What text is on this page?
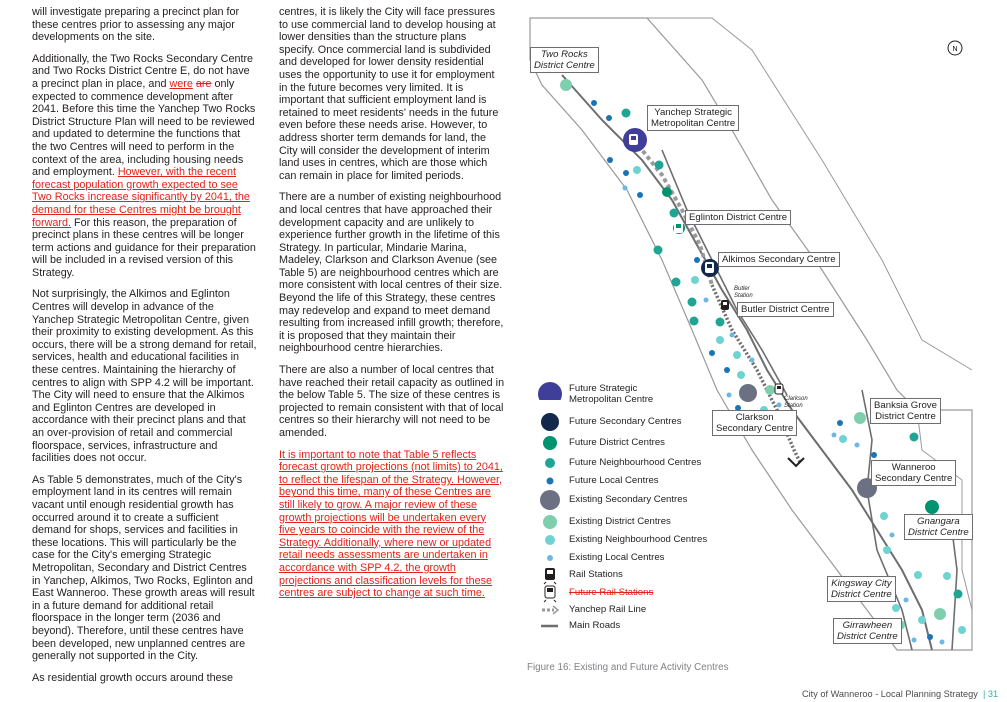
will investigate preparing a precinct plan for these centres prior to assessing any major developments on the site.

Additionally, the Two Rocks Secondary Centre and Two Rocks District Centre E, do not have a precinct plan in place, and were are only expected to commence development after 2041. Before this time the Yanchep Two Rocks District Structure Plan will need to be reviewed and updated to determine the functions that the two Centres will need to perform in the context of the area, including housing needs and employment. However, with the recent forecast population growth expected to see Two Rocks increase significantly by 2041, the demand for these Centres might be brought forward. For this reason, the preparation of precinct plans in these centres will be longer term actions and guidance for their preparation will be included in a revised version of this Strategy.

Not surprisingly, the Alkimos and Eglinton Centres will develop in advance of the Yanchep Strategic Metropolitan Centre, given their proximity to existing development. As this occurs, there will be a strong demand for retail, services, health and educational facilities in these centres. Maintaining the hierarchy of centres to align with SPP 4.2 will be important. The City will need to ensure that the Alkimos and Eglinton Centres are developed in accordance with their precinct plans and that an over-provision of retail and commercial floorspace, services, infrastructure and facilities does not occur.

As Table 5 demonstrates, much of the City's employment land in its centres will remain vacant until enough residential growth has occurred around it to create a sufficient demand for shops, services and facilities in these locations. This will particularly be the case for the City's emerging Strategic Metropolitan, Secondary and District Centres in Yanchep, Alkimos, Two Rocks, Eglinton and East Wanneroo. These growth areas will result in a future demand for additional retail floorspace in the longer term (2036 and beyond). Therefore, until these centres have been developed, new unplanned centres are generally not supported in the City.

As residential growth occurs around these

centres, it is likely the City will face pressures to use commercial land to develop housing at lower densities than the structure plans specify. Once commercial land is subdivided and developed for lower density residential uses the opportunity to use it for employment in the future becomes very limited. It is important that sufficient employment land is retained to meet residents' needs in the future even before these needs arise. However, to address shorter term demands for land, the City will consider the development of interim land uses in centres, which are those which can remain in place for limited periods.

There are a number of existing neighbourhood and local centres that have approached their development capacity and are unlikely to experience further growth in the lifetime of this Strategy. In particular, Mindarie Marina, Madeley, Clarkson and Clarkson Avenue (see Table 5) are neighbourhood centres which are more consistent with local centres of their size. Beyond the life of this Strategy, these centres may redevelop and expand to meet demand resulting from increased infill growth; therefore, it is proposed that they maintain their neighbourhood centre hierarchies.

There are also a number of local centres that have reached their retail capacity as outlined in the below Table 5. The size of these centres is projected to remain consistent with that of local centres so their hierarchy will not need to be amended.

It is important to note that Table 5 reflects forecast growth projections (not limits) to 2041, to reflect the lifespan of the Strategy. However, beyond this time, many of these Centres are still likely to grow. A major review of these growth projections will be undertaken every five years to coincide with the review of the Strategy. Additionally, where new or updated retail needs assessments are undertaken in accordance with SPP 4.2, the growth projections and classification levels for these centres are subject to change at such time.

N
Two Rocks
District Centre
Yanchep Strategic
Metropolitan Centre
Eglinton District Centre
Alkimos Secondary Centre
Butler District Centre
Clarkson
Secondary Centre
Banksia Grove
District Centre
Wanneroo
Secondary Centre
Gnangara
District Centre
Kingsway City
District Centre
Girrawheen
District Centre
Butler
Station
Clarkson
Station
Future Strategic
Metropolitan Centre
Future Secondary Centres
Future District Centres
Future Neighbourhood Centres
Future Local Centres
Existing Secondary Centres
Existing District Centres
Existing Neighbourhood Centres
Existing Local Centres
Rail Stations
Future Rail Stations
Yanchep Rail Line
Main Roads
Figure 16: Existing and Future Activity Centres
City of Wanneroo - Local Planning Strategy | 31
